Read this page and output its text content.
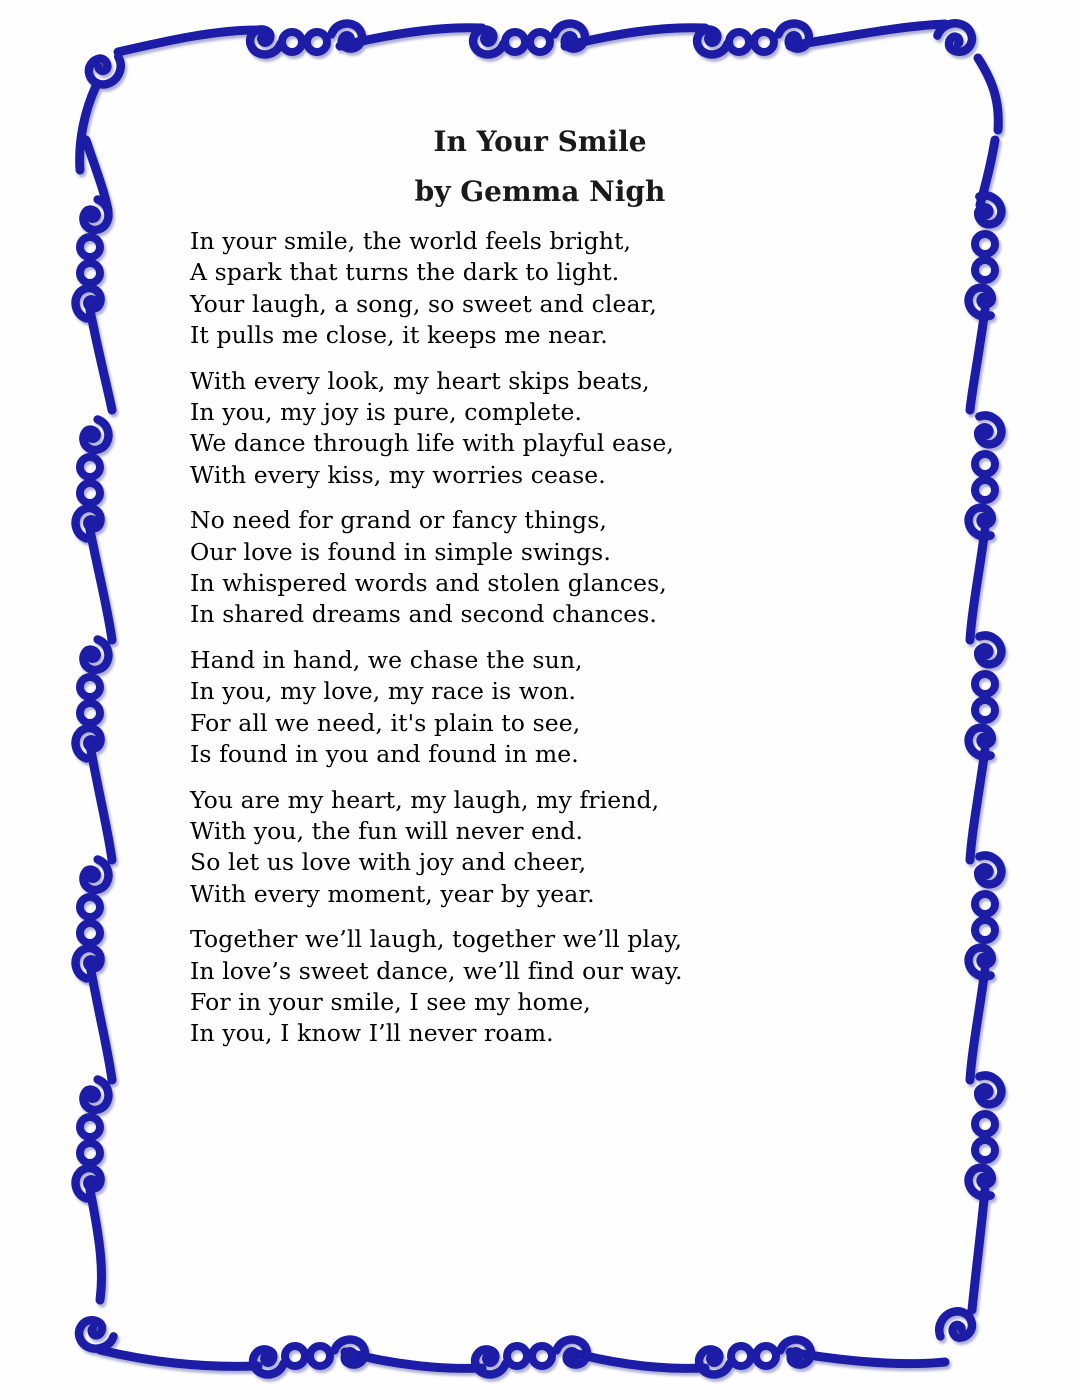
In Your Smile
by Gemma Nigh
In your smile, the world feels bright,
A spark that turns the dark to light.
Your laugh, a song, so sweet and clear,
It pulls me close, it keeps me near.
With every look, my heart skips beats,
In you, my joy is pure, complete.
We dance through life with playful ease,
With every kiss, my worries cease.
No need for grand or fancy things,
Our love is found in simple swings.
In whispered words and stolen glances,
In shared dreams and second chances.
Hand in hand, we chase the sun,
In you, my love, my race is won.
For all we need, it's plain to see,
Is found in you and found in me.
You are my heart, my laugh, my friend,
With you, the fun will never end.
So let us love with joy and cheer,
With every moment, year by year.
Together we’ll laugh, together we’ll play,
In love’s sweet dance, we’ll find our way.
For in your smile, I see my home,
In you, I know I’ll never roam.
